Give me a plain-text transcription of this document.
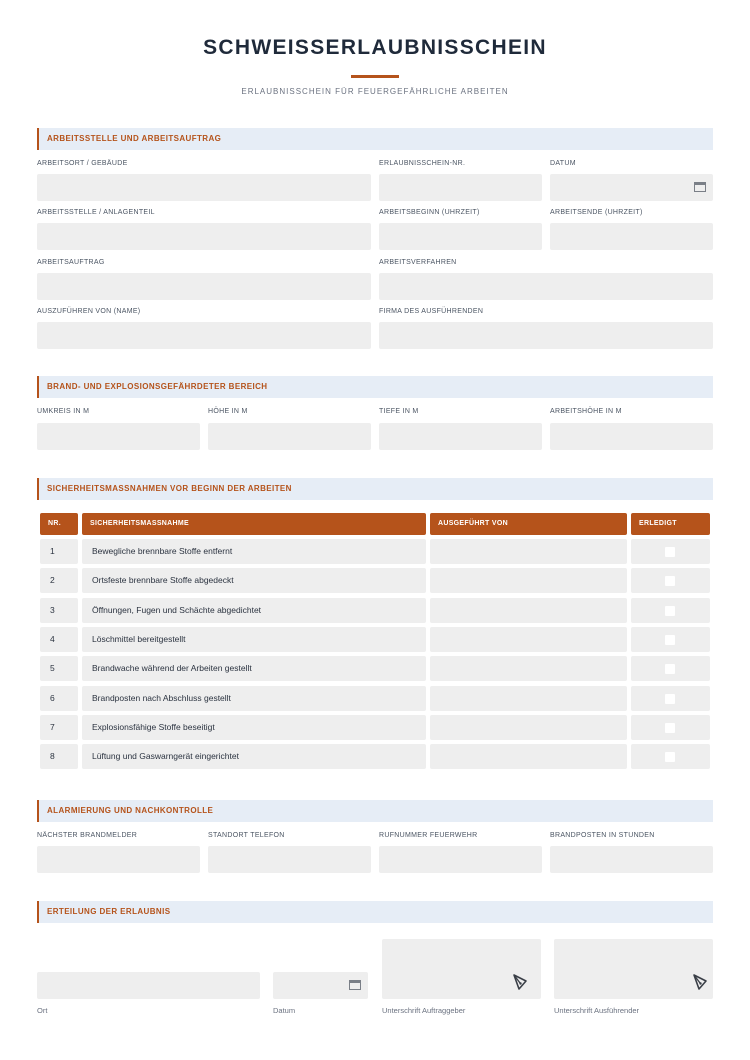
SCHWEISSERLAUBNISSCHEIN
ERLAUBNISSCHEIN FÜR FEUERGEFÄHRLICHE ARBEITEN
ARBEITSSTELLE UND ARBEITSAUFTRAG
ARBEITSORT / GEBÄUDE	ERLAUBNISSCHEIN-NR.	DATUM
ARBEITSSTELLE / ANLAGENTEIL	ARBEITSBEGINN (UHRZEIT)	ARBEITSENDE (UHRZEIT)
ARBEITSAUFTRAG	ARBEITSVERFAHREN
AUSZUFÜHREN VON (NAME)	FIRMA DES AUSFÜHRENDEN
BRAND- UND EXPLOSIONSGEFÄHRDETER BEREICH
UMKREIS IN M	HÖHE IN M	TIEFE IN M	ARBEITSHÖHE IN M
SICHERHEITSMASSNAHMEN VOR BEGINN DER ARBEITEN
NR.	SICHERHEITSMASSNAHME	AUSGEFÜHRT VON	ERLEDIGT
1	Bewegliche brennbare Stoffe entfernt
2	Ortsfeste brennbare Stoffe abgedeckt
3	Öffnungen, Fugen und Schächte abgedichtet
4	Löschmittel bereitgestellt
5	Brandwache während der Arbeiten gestellt
6	Brandposten nach Abschluss gestellt
7	Explosionsfähige Stoffe beseitigt
8	Lüftung und Gaswarngerät eingerichtet
ALARMIERUNG UND NACHKONTROLLE
NÄCHSTER BRANDMELDER	STANDORT TELEFON	RUFNUMMER FEUERWEHR	BRANDPOSTEN IN STUNDEN
ERTEILUNG DER ERLAUBNIS
Ort	Datum	Unterschrift Auftraggeber	Unterschrift Ausführender
